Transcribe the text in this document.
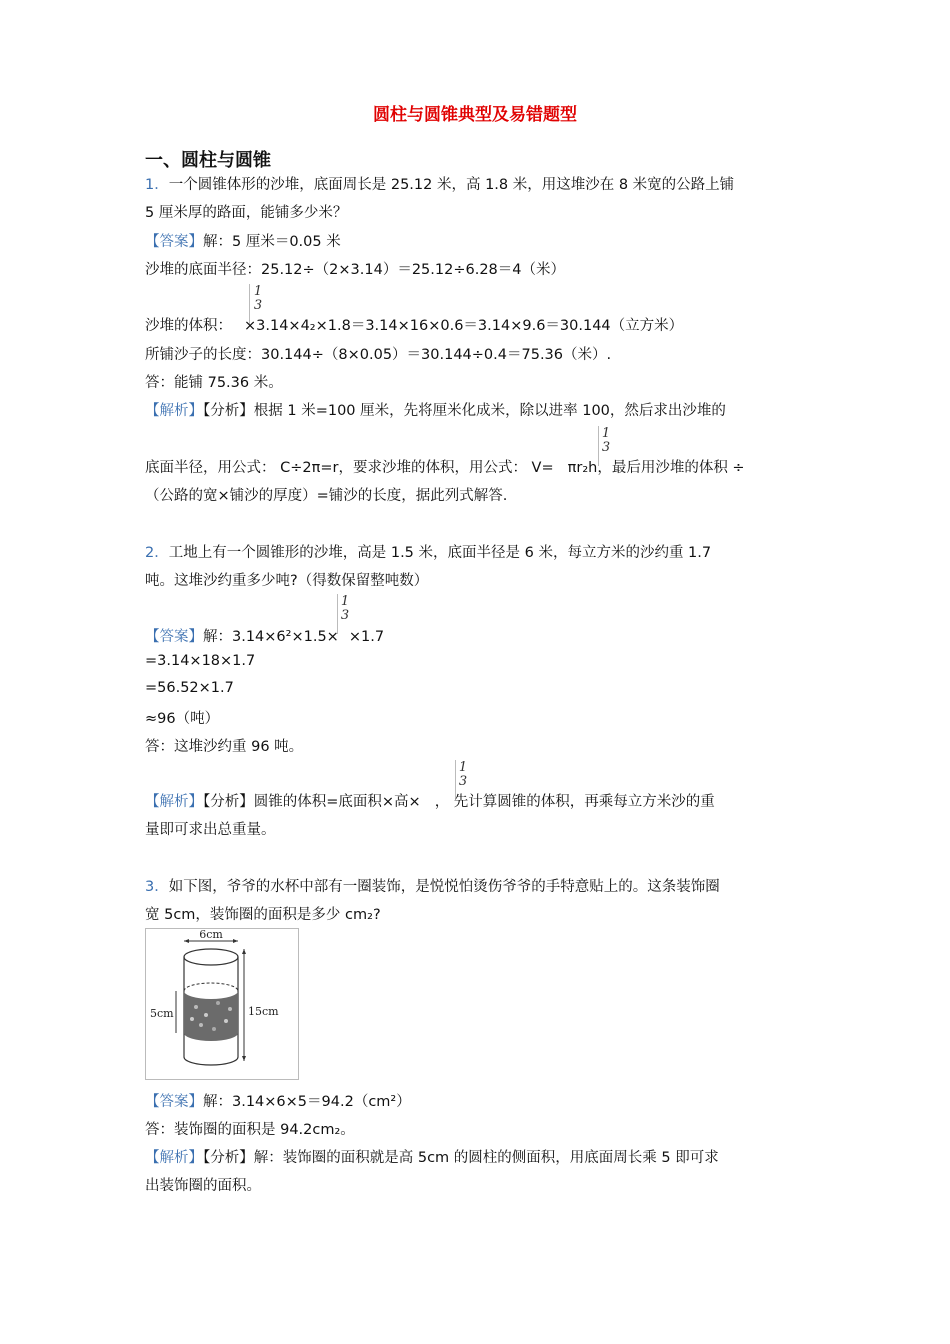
圆柱与圆锥典型及易错题型
一、圆柱与圆锥
1．一个圆锥体形的沙堆，底面周长是 25.12 米，高 1.8 米，用这堆沙在 8 米宽的公路上铺
5 厘米厚的路面，能铺多少米？
【答案】解：5 厘米＝0.05 米
沙堆的底面半径：25.12÷（2×3.14）＝25.12÷6.28＝4（米）
1
3
沙堆的体积： ×3.14×4₂×1.8＝3.14×16×0.6＝3.14×9.6＝30.144（立方米）
所铺沙子的长度：30.144÷（8×0.05）＝30.144÷0.4＝75.36（米）.
答：能铺 75.36 米。
【解析】【分析】根据 1 米=100 厘米，先将厘米化成米，除以进率 100，然后求出沙堆的
1
3
底面半径，用公式： C÷2π=r，要求沙堆的体积，用公式： V= πr₂h，最后用沙堆的体积 ÷
（公路的宽×铺沙的厚度）=铺沙的长度，据此列式解答.
2．工地上有一个圆锥形的沙堆，高是 1.5 米，底面半径是 6 米，每立方米的沙约重 1.7
吨。这堆沙约重多少吨?（得数保留整吨数）
1
3
【答案】解：3.14×6²×1.5× ×1.7
=3.14×18×1.7
=56.52×1.7
≈96（吨）
答：这堆沙约重 96 吨。
1
3
【解析】【分析】圆锥的体积=底面积×高× ， 先计算圆锥的体积，再乘每立方米沙的重
量即可求出总重量。
3．如下图，爷爷的水杯中部有一圈装饰，是悦悦怕烫伤爷爷的手特意贴上的。这条装饰圈
宽 5cm，装饰圈的面积是多少 cm₂?
6cm
5cm	15cm
【答案】解：3.14×6×5＝94.2（cm²）
答：装饰圈的面积是 94.2cm₂。
【解析】【分析】解：装饰圈的面积就是高 5cm 的圆柱的侧面积，用底面周长乘 5 即可求
出装饰圈的面积。
